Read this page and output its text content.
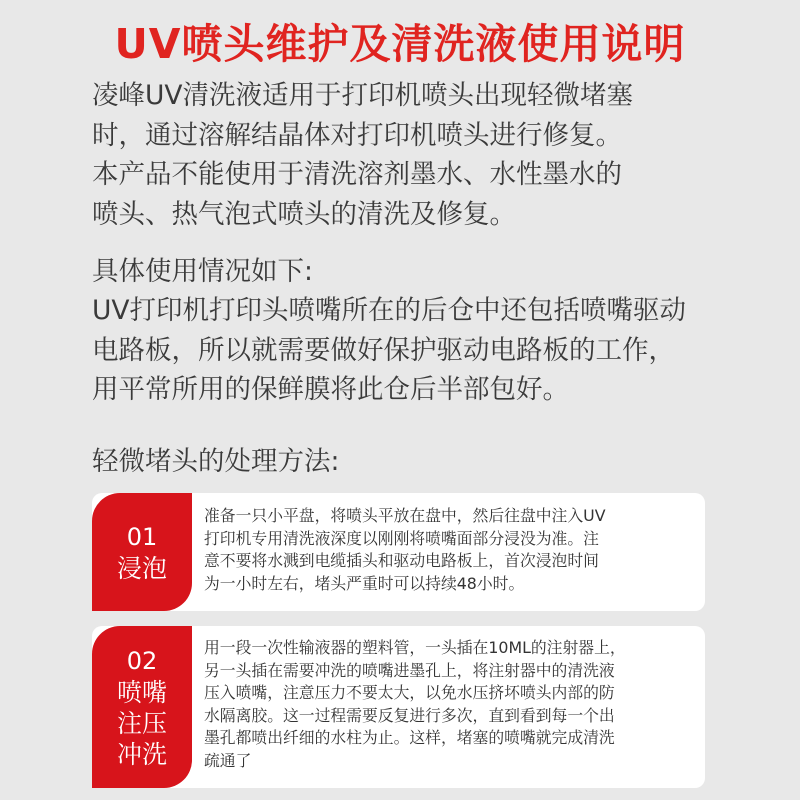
UV喷头维护及清洗液使用说明

凌峰UV清洗液适用于打印机喷头出现轻微堵塞

时，通过溶解结晶体对打印机喷头进行修复。

本产品不能使用于清洗溶剂墨水、水性墨水的

喷头、热气泡式喷头的清洗及修复。

具体使用情况如下:

UV打印机打印头喷嘴所在的后仓中还包括喷嘴驱动

电路板，所以就需要做好保护驱动电路板的工作，

用平常所用的保鲜膜将此仓后半部包好。

轻微堵头的处理方法:
01
浸泡

准备一只小平盘，将喷头平放在盘中，然后往盘中注入UV

打印机专用清洗液深度以刚刚将喷嘴面部分浸没为准。注

意不要将水溅到电缆插头和驱动电路板上，首次浸泡时间

为一小时左右，堵头严重时可以持续48小时。

02
喷嘴
注压
冲洗

用一段一次性输液器的塑料管，一头插在10ML的注射器上，

另一头插在需要冲洗的喷嘴进墨孔上，将注射器中的清洗液

压入喷嘴，注意压力不要太大，以免水压挤坏喷头内部的防

水隔离胶。这一过程需要反复进行多次，直到看到每一个出

墨孔都喷出纤细的水柱为止。这样，堵塞的喷嘴就完成清洗

疏通了
